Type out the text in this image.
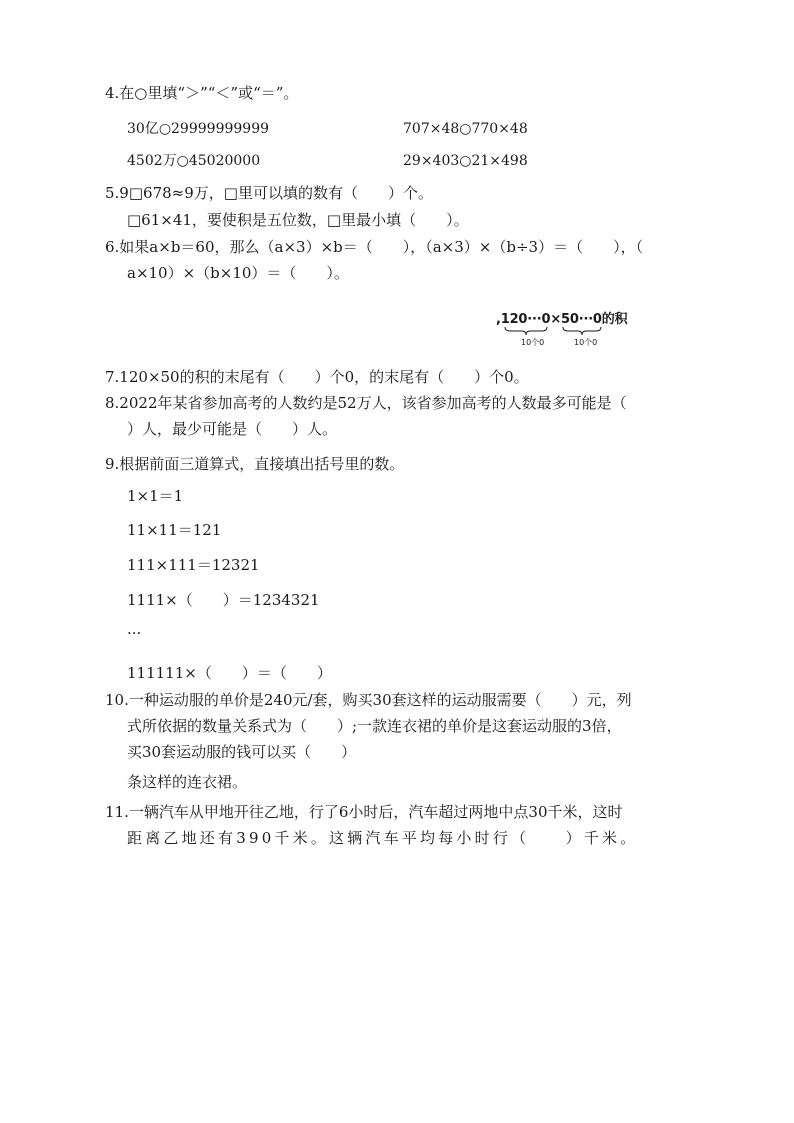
4.在○里填“＞”“＜”或“＝”。
30亿○29999999999	707×48○770×48
4502万○45020000	29×403○21×498
5.9□678≈9万，□里可以填的数有（　　）个。
□61×41，要使积是五位数，□里最小填（　　）。
6.如果a×b＝60，那么（a×3）×b＝（　　），（a×3）×（b÷3）＝（　　），（
a×10）×（b×10）＝（　　）。
,120···0×50···0的积
10个0	10个0
7.120×50的积的末尾有（　　）个0，的末尾有（　　）个0。
8.2022年某省参加高考的人数约是52万人，该省参加高考的人数最多可能是（
）人，最少可能是（　　）人。
9.根据前面三道算式，直接填出括号里的数。
1×1＝1
11×11＝121
111×111＝12321
1111×（　　）＝1234321
···
111111×（　　）＝（　　）
10.一种运动服的单价是240元/套，购买30套这样的运动服需要（　　）元，列
式所依据的数量关系式为（　　）;一款连衣裙的单价是这套运动服的3倍，
买30套运动服的钱可以买（　　）
条这样的连衣裙。
11.一辆汽车从甲地开往乙地，行了6小时后，汽车超过两地中点30千米，这时
距离乙地还有390千米。这辆汽车平均每小时行（　　）千米。
